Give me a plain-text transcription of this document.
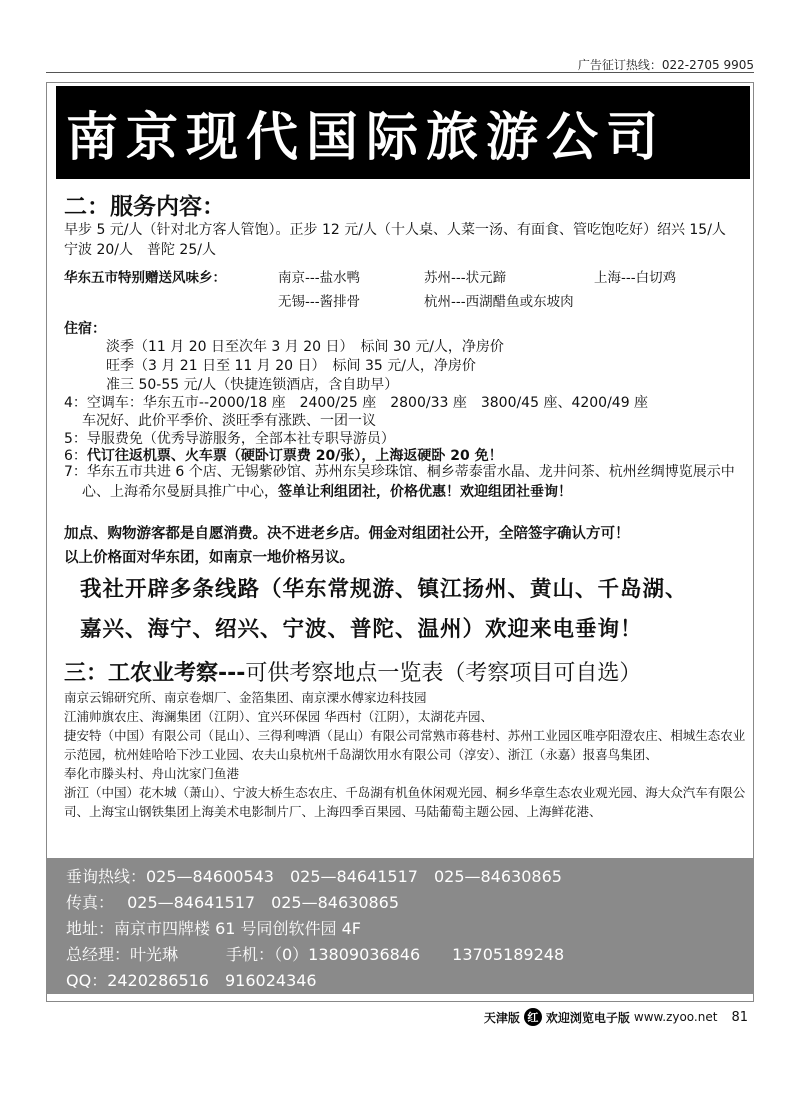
广告征订热线：022-2705 9905
南京现代国际旅游公司
二：服务内容：
早步 5 元/人（针对北方客人管饱）。正步 12 元/人（十人桌、人菜一汤、有面食、管吃饱吃好）绍兴 15/人　宁波 20/人　普陀 25/人
华东五市特别赠送风味乡：	南京---盐水鸭	苏州---状元蹄	上海---白切鸡
无锡---酱排骨	杭州---西湖醋鱼或东坡肉
住宿：
淡季（11 月 20 日至次年 3 月 20 日）　标间 30 元/人，净房价
旺季（3 月 21 日至 11 月 20 日）　标间 35 元/人，净房价
准三 50-55 元/人（快捷连锁酒店，含自助早）
4：空调车：华东五市--2000/18 座　2400/25 座　2800/33 座　3800/45 座、4200/49 座
车况好、此价平季价、淡旺季有涨跌、一团一议
5：导服费免（优秀导游服务，全部本社专职导游员）
6：代订往返机票、火车票（硬卧订票费 20/张），上海返硬卧 20 免！
7：华东五市共进 6 个店、无锡紫砂馆、苏州东吴珍珠馆、桐乡蒂泰雷水晶、龙井问茶、杭州丝绸博览展示中心、上海希尔曼厨具推广中心，签单让利组团社，价格优惠！欢迎组团社垂询！
加点、购物游客都是自愿消费。决不进老乡店。佣金对组团社公开，全陪签字确认方可！
以上价格面对华东团，如南京一地价格另议。
我社开辟多条线路（华东常规游、镇江扬州、黄山、千岛湖、
嘉兴、海宁、绍兴、宁波、普陀、温州）欢迎来电垂询！
三：工农业考察---可供考察地点一览表（考察项目可自选）
南京云锦研究所、南京卷烟厂、金箔集团、南京溧水傅家边科技园
江浦帅旗农庄、海澜集团（江阴）、宜兴环保园 华西村（江阴），太湖花卉园、
捷安特（中国）有限公司（昆山）、三得利啤酒（昆山）有限公司常熟市蒋巷村、苏州工业园区唯亭阳澄农庄、相城生态农业示范园，杭州娃哈哈下沙工业园、农夫山泉杭州千岛湖饮用水有限公司（淳安）、浙江（永嘉）报喜鸟集团、
奉化市滕头村、舟山沈家门鱼港
浙江（中国）花木城（萧山）、宁波大桥生态农庄、千岛湖有机鱼休闲观光园、桐乡华章生态农业观光园、海大众汽车有限公司、上海宝山钢铁集团上海美术电影制片厂、上海四季百果园、马陆葡萄主题公园、上海鲜花港、
垂询热线：025—84600543　025—84641517　025—84630865
传真：　 025—84641517　025—84630865
地址：南京市四牌楼 61 号同创软件园 4F
总经理：叶光琳　　　手机：（0）13809036846　　13705189248
QQ：2420286516　916024346
天津版 红 欢迎浏览电子版 www.zyoo.net 81
